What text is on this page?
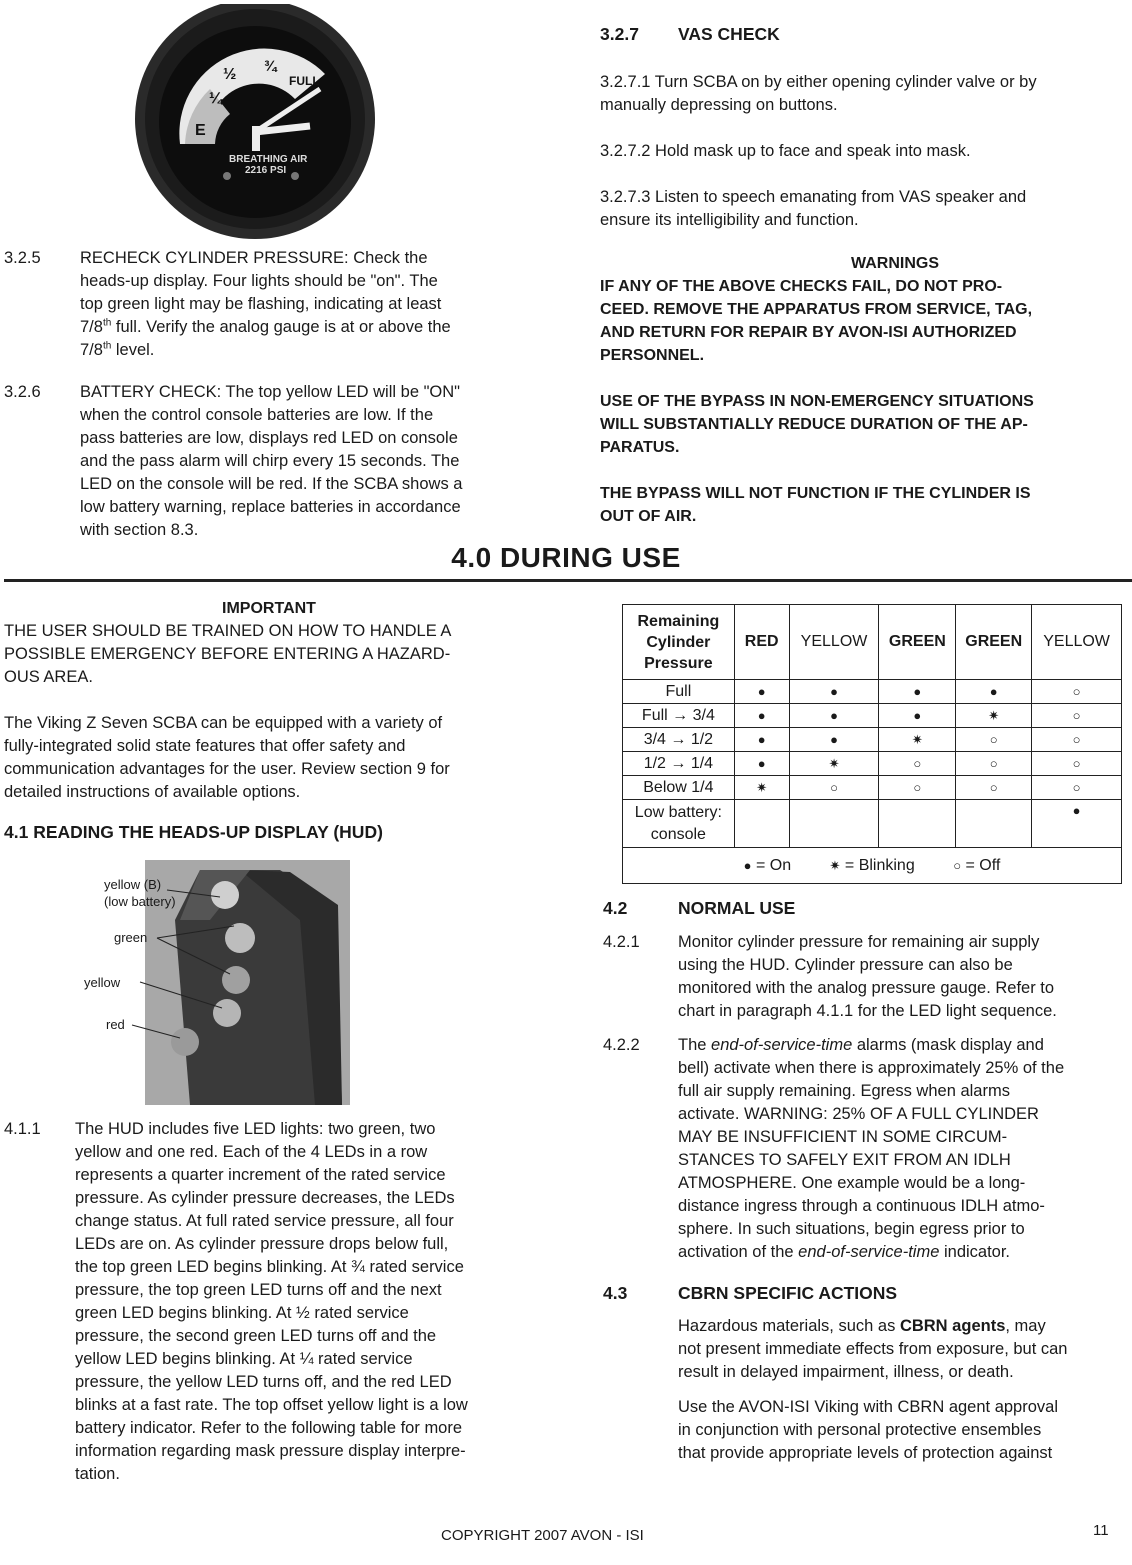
¼
½ ¾
FULL
E
BREATHING AIR
2216 PSI
3.2.5 RECHECK CYLINDER PRESSURE: Check the

heads-up display. Four lights should be "on". The

top green light may be flashing, indicating at least

7/8th full. Verify the analog gauge is at or above the

7/8th level.

3.2.6 BATTERY CHECK: The top yellow LED will be "ON"

when the control console batteries are low. If the

pass batteries are low, displays red LED on console

and the pass alarm will chirp every 15 seconds. The

LED on the console will be red. If the SCBA shows a

low battery warning, replace batteries in accordance

with section 8.3.

3.2.7 VAS CHECK

3.2.7.1 Turn SCBA on by either opening cylinder valve or by

manually depressing on buttons.

3.2.7.2 Hold mask up to face and speak into mask.

3.2.7.3 Listen to speech emanating from VAS speaker and

ensure its intelligibility and function.

WARNINGS
IF ANY OF THE ABOVE CHECKS FAIL, DO NOT PRO-
CEED. REMOVE THE APPARATUS FROM SERVICE, TAG,
AND RETURN FOR REPAIR BY AVON-ISI AUTHORIZED
PERSONNEL.
USE OF THE BYPASS IN NON-EMERGENCY SITUATIONS
WILL SUBSTANTIALLY REDUCE DURATION OF THE AP-
PARATUS.
THE BYPASS WILL NOT FUNCTION IF THE CYLINDER IS
OUT OF AIR.
4.0 DURING USE
IMPORTANT

THE USER SHOULD BE TRAINED ON HOW TO HANDLE A

POSSIBLE EMERGENCY BEFORE ENTERING A HAZARD-

OUS AREA.

The Viking Z Seven SCBA can be equipped with a variety of

fully-integrated solid state features that offer safety and

communication advantages for the user. Review section 9 for

detailed instructions of available options.

4.1 READING THE HEADS-UP DISPLAY (HUD)
yellow (B)
(low battery)
green
yellow
red
4.1.1 The HUD includes five LED lights: two green, two

yellow and one red. Each of the 4 LEDs in a row

represents a quarter increment of the rated service

pressure. As cylinder pressure decreases, the LEDs

change status. At full rated service pressure, all four

LEDs are on. As cylinder pressure drops below full,

the top green LED begins blinking. At ¾ rated service

pressure, the top green LED turns off and the next

green LED begins blinking. At ½ rated service

pressure, the second green LED turns off and the

yellow LED begins blinking. At ¼ rated service

pressure, the yellow LED turns off, and the red LED

blinks at a fast rate. The top offset yellow light is a low

battery indicator. Refer to the following table for more

information regarding mask pressure display interpre-

tation.

Remaining
Cylinder
Pressure	RED	YELLOW	GREEN	GREEN	YELLOW
Full	●	●	●	●	○
Full → 3/4	●	●	●	✷	○
3/4 → 1/2	●	●	✷	○	○
1/2 → 1/4	●	✷	○	○	○
Below 1/4	✷	○	○	○	○

Low battery:
console
					●
● = On ✷ = Blinking ○ = Off
4.2	NORMAL USE
4.2.1 Monitor cylinder pressure for remaining air supply

using the HUD. Cylinder pressure can also be

monitored with the analog pressure gauge. Refer to

chart in paragraph 4.1.1 for the LED light sequence.

4.2.2 The end-of-service-time alarms (mask display and

bell) activate when there is approximately 25% of the

full air supply remaining. Egress when alarms

activate. WARNING: 25% OF A FULL CYLINDER

MAY BE INSUFFICIENT IN SOME CIRCUM-

STANCES TO SAFELY EXIT FROM AN IDLH

ATMOSPHERE. One example would be a long-

distance ingress through a continuous IDLH atmo-

sphere. In such situations, begin egress prior to

activation of the end-of-service-time indicator.

4.3	CBRN SPECIFIC ACTIONS

Hazardous materials, such as CBRN agents, may

not present immediate effects from exposure, but can

result in delayed impairment, illness, or death.

Use the AVON-ISI Viking with CBRN agent approval

in conjunction with personal protective ensembles

that provide appropriate levels of protection against

COPYRIGHT 2007 AVON - ISI	11
